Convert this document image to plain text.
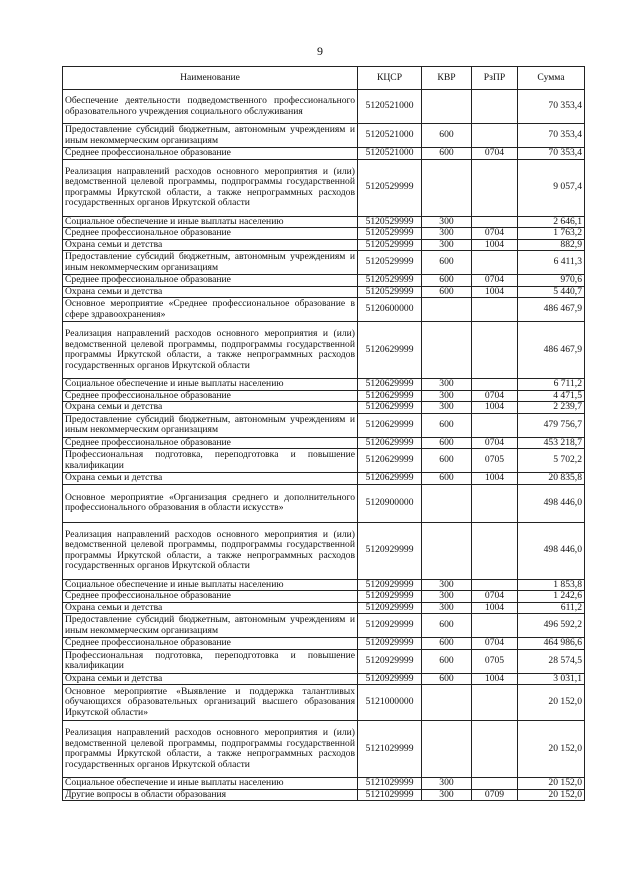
9
Наименование	КЦСР	КВР	РзПР	Сумма
Обеспечение деятельности подведомственного профессионального образовательного учреждения социального обслуживания	5120521000			70 353,4
Предоставление субсидий бюджетным, автономным учреждениям и иным некоммерческим организациям	5120521000	600		70 353,4
Среднее профессиональное образование	5120521000	600	0704	70 353,4
Реализация направлений расходов основного мероприятия и (или) ведомственной целевой программы, подпрограммы государственной программы Иркутской области, а также непрограммных расходов государственных органов Иркутской области	5120529999			9 057,4
Социальное обеспечение и иные выплаты населению	5120529999	300		2 646,1
Среднее профессиональное образование	5120529999	300	0704	1 763,2
Охрана семьи и детства	5120529999	300	1004	882,9
Предоставление субсидий бюджетным, автономным учреждениям и иным некоммерческим организациям	5120529999	600		6 411,3
Среднее профессиональное образование	5120529999	600	0704	970,6
Охрана семьи и детства	5120529999	600	1004	5 440,7
Основное мероприятие «Среднее профессиональное образование в сфере здравоохранения»	5120600000			486 467,9
Реализация направлений расходов основного мероприятия и (или) ведомственной целевой программы, подпрограммы государственной программы Иркутской области, а также непрограммных расходов государственных органов Иркутской области	5120629999			486 467,9
Социальное обеспечение и иные выплаты населению	5120629999	300		6 711,2
Среднее профессиональное образование	5120629999	300	0704	4 471,5
Охрана семьи и детства	5120629999	300	1004	2 239,7
Предоставление субсидий бюджетным, автономным учреждениям и иным некоммерческим организациям	5120629999	600		479 756,7
Среднее профессиональное образование	5120629999	600	0704	453 218,7
Профессиональная подготовка, переподготовка и повышение квалификации	5120629999	600	0705	5 702,2
Охрана семьи и детства	5120629999	600	1004	20 835,8
Основное мероприятие «Организация среднего и дополнительного профессионального образования в области искусств»	5120900000			498 446,0
Реализация направлений расходов основного мероприятия и (или) ведомственной целевой программы, подпрограммы государственной программы Иркутской области, а также непрограммных расходов государственных органов Иркутской области	5120929999			498 446,0
Социальное обеспечение и иные выплаты населению	5120929999	300		1 853,8
Среднее профессиональное образование	5120929999	300	0704	1 242,6
Охрана семьи и детства	5120929999	300	1004	611,2
Предоставление субсидий бюджетным, автономным учреждениям и иным некоммерческим организациям	5120929999	600		496 592,2
Среднее профессиональное образование	5120929999	600	0704	464 986,6
Профессиональная подготовка, переподготовка и повышение квалификации	5120929999	600	0705	28 574,5
Охрана семьи и детства	5120929999	600	1004	3 031,1
Основное мероприятие «Выявление и поддержка талантливых обучающихся образовательных организаций высшего образования Иркутской области»	5121000000			20 152,0
Реализация направлений расходов основного мероприятия и (или) ведомственной целевой программы, подпрограммы государственной программы Иркутской области, а также непрограммных расходов государственных органов Иркутской области	5121029999			20 152,0
Социальное обеспечение и иные выплаты населению	5121029999	300		20 152,0
Другие вопросы в области образования	5121029999	300	0709	20 152,0
